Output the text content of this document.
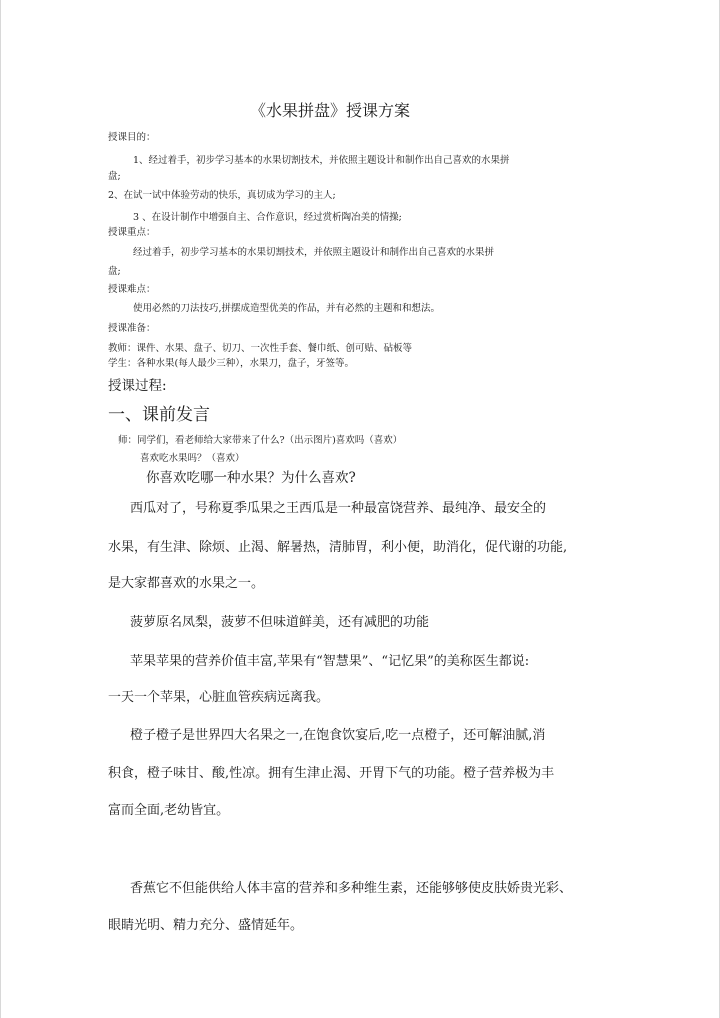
《水果拼盘》授课方案
授课目的：
1、经过着手，初步学习基本的水果切割技术，并依照主题设计和制作出自己喜欢的水果拼
盘;
2、在试一试中体验劳动的快乐，真切成为学习的主人;
3 、在设计制作中增强自主、合作意识，经过赏析陶冶美的情操;
授课重点：
经过着手，初步学习基本的水果切割技术，并依照主题设计和制作出自己喜欢的水果拼
盘;
授课难点：
使用必然的刀法技巧,拼摆成造型优美的作品，并有必然的主题和和想法。
授课准备：
教师：课件、水果、盘子、切刀、一次性手套、餐巾纸、创可贴、砧板等
学生：各种水果(每人最少三种），水果刀，盘子，牙签等。
授课过程:
一、课前发言
师：同学们，看老师给大家带来了什么?（出示图片)喜欢吗（喜欢）
喜欢吃水果吗？（喜欢）
你喜欢吃哪一种水果？为什么喜欢?
西瓜对了，号称夏季瓜果之王西瓜是一种最富饶营养、最纯净、最安全的
水果，有生津、除烦、止渴、解暑热，清肺胃，利小便，助消化，促代谢的功能,
是大家都喜欢的水果之一。
菠萝原名凤梨，菠萝不但味道鲜美，还有减肥的功能
苹果苹果的营养价值丰富,苹果有“智慧果”、“记忆果”的美称医生都说:
一天一个苹果，心脏血管疾病远离我。
橙子橙子是世界四大名果之一,在饱食饮宴后,吃一点橙子，还可解油腻,消
积食，橙子味甘、酸,性凉。拥有生津止渴、开胃下气的功能。橙子营养极为丰
富而全面,老幼皆宜。
香蕉它不但能供给人体丰富的营养和多种维生素，还能够够使皮肤娇贵光彩、
眼睛光明、精力充分、盛情延年。
